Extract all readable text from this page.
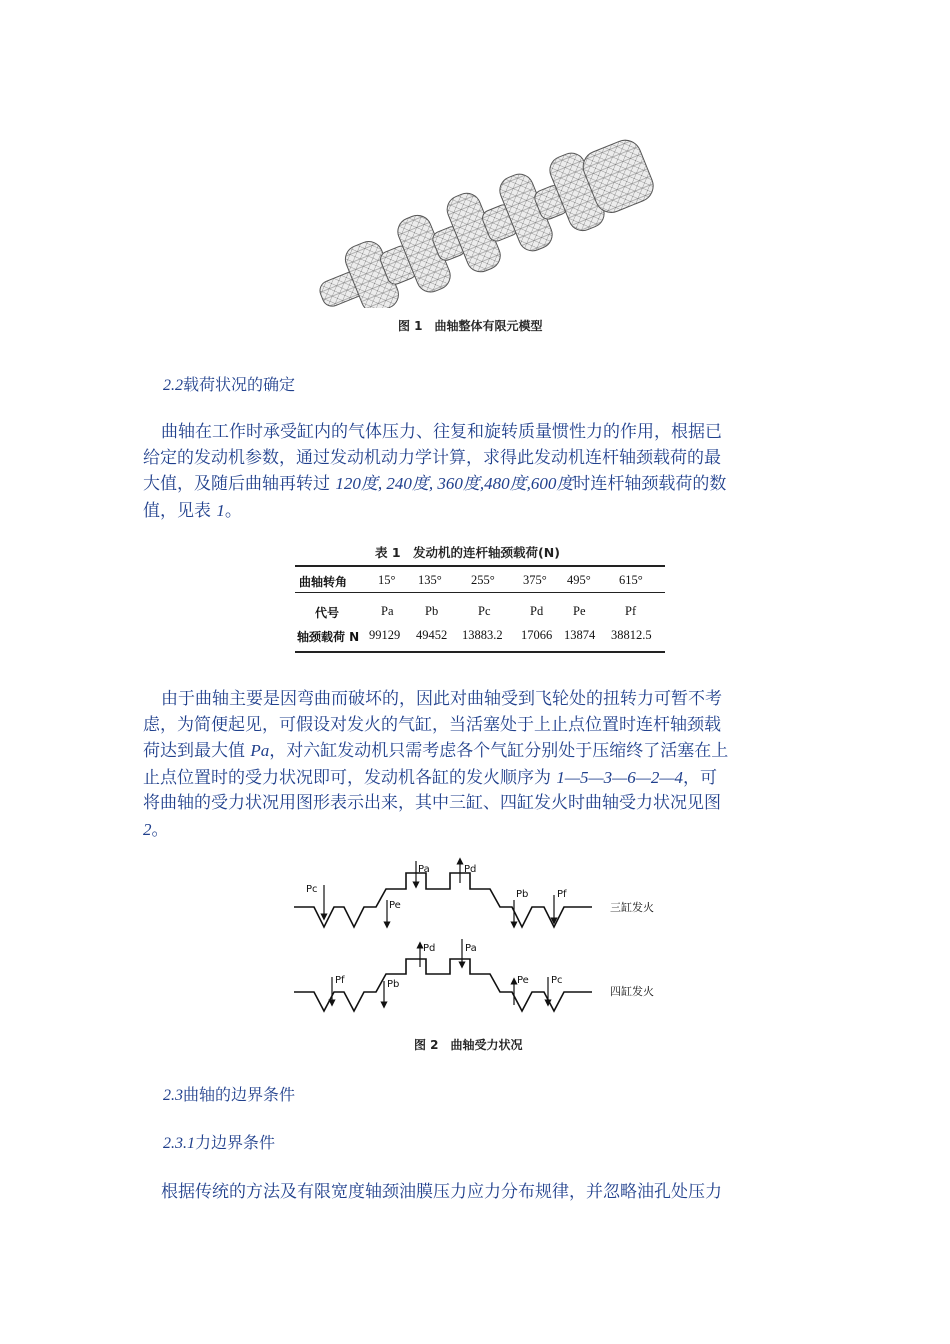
图 1　曲轴整体有限元模型
2.2载荷状况的确定
曲轴在工作时承受缸内的气体压力、往复和旋转质量惯性力的作用，根据已
给定的发动机参数，通过发动机动力学计算，求得此发动机连杆轴颈载荷的最
大值，及随后曲轴再转过 120度, 240度, 360度,480度,600度时连杆轴颈载荷的数
值，见表 1。
表 1　发动机的连杆轴颈载荷(N)
曲轴转角 15° 135° 255° 375° 495° 615°
代号	Pa	Pb	Pc	Pd Pe	Pf
轴颈载荷 N 99129 49452 13883.2 17066 13874 38812.5
由于曲轴主要是因弯曲而破坏的，因此对曲轴受到飞轮处的扭转力可暂不考
虑，为简便起见，可假设对发火的气缸，当活塞处于上止点位置时连杆轴颈载
荷达到最大值 Pa，对六缸发动机只需考虑各个气缸分别处于压缩终了活塞在上
止点位置时的受力状况即可，发动机各缸的发火顺序为 1—5—3—6—2—4，可
将曲轴的受力状况用图形表示出来，其中三缸、四缸发火时曲轴受力状况见图
2。
Pc
Pe
Pa	Pd
Pb	Pf
Pf	Pb
Pd	Pa
Pe Pc
三缸发火
四缸发火
图 2　曲轴受力状况
2.3曲轴的边界条件
2.3.1力边界条件
根据传统的方法及有限宽度轴颈油膜压力应力分布规律，并忽略油孔处压力
